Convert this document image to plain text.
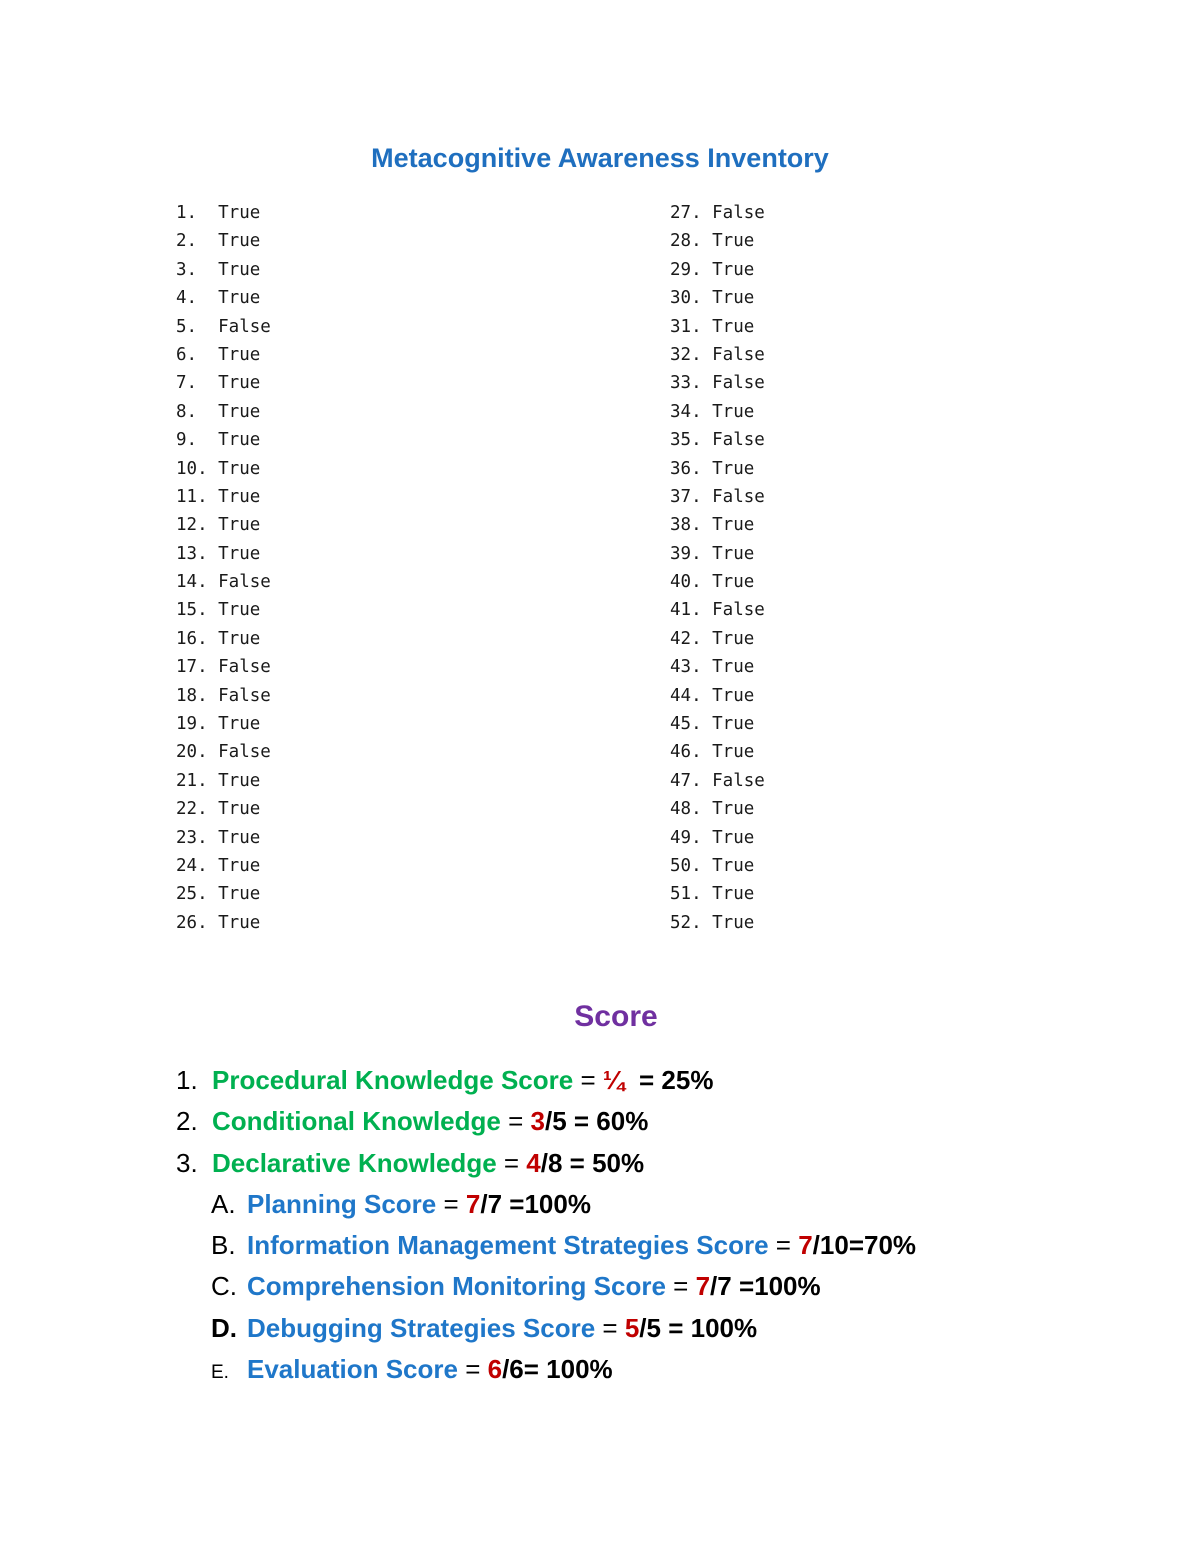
Metacognitive Awareness Inventory
1.  True
2.  True
3.  True
4.  True
5.  False
6.  True
7.  True
8.  True
9.  True
10. True
11. True
12. True
13. True
14. False
15. True
16. True
17. False
18. False
19. True
20. False
21. True
22. True
23. True
24. True
25. True
26. True
27. False
28. True
29. True
30. True
31. True
32. False
33. False
34. True
35. False
36. True
37. False
38. True
39. True
40. True
41. False
42. True
43. True
44. True
45. True
46. True
47. False
48. True
49. True
50. True
51. True
52. True
Score
1. Procedural Knowledge Score = ¼  = 25%
2. Conditional Knowledge = 3/5 = 60%
3. Declarative Knowledge = 4/8 = 50%
A. Planning Score = 7/7 =100%
B. Information Management Strategies Score = 7/10=70%
C. Comprehension Monitoring Score = 7/7 =100%
D. Debugging Strategies Score = 5/5 = 100%
E. Evaluation Score = 6/6= 100%
